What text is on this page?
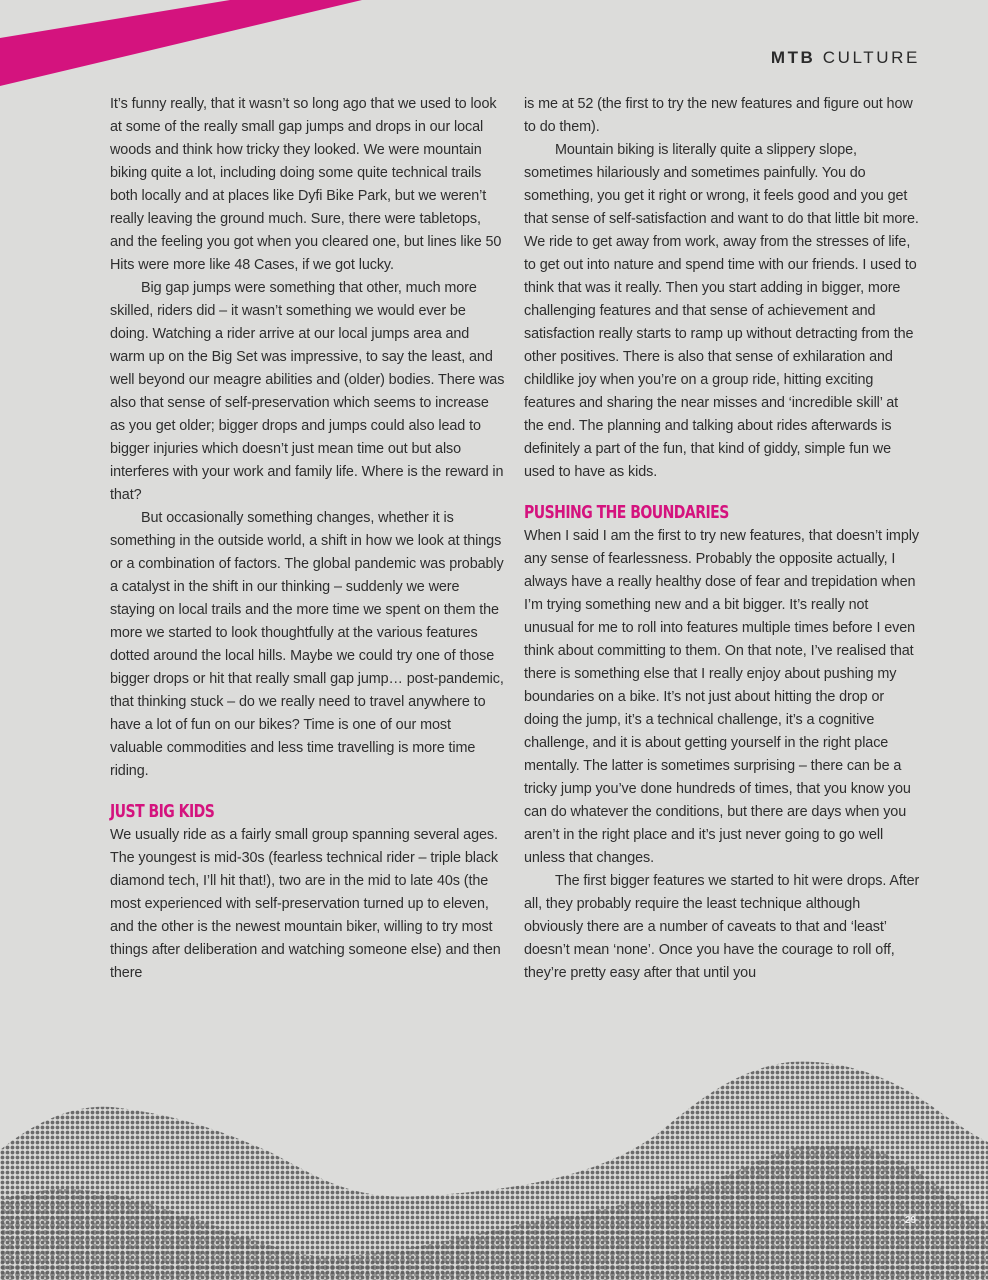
MTB CULTURE

It’s funny really, that it wasn’t so long ago that we used to look at some of the really small gap jumps and drops in our local woods and think how tricky they looked. We were mountain biking quite a lot, including doing some quite technical trails both locally and at places like Dyfi Bike Park, but we weren’t really leaving the ground much. Sure, there were tabletops, and the feeling you got when you cleared one, but lines like 50 Hits were more like 48 Cases, if we got lucky.

Big gap jumps were something that other, much more skilled, riders did – it wasn’t something we would ever be doing. Watching a rider arrive at our local jumps area and warm up on the Big Set was impressive, to say the least, and well beyond our meagre abilities and (older) bodies. There was also that sense of self-preservation which seems to increase as you get older; bigger drops and jumps could also lead to bigger injuries which doesn’t just mean time out but also interferes with your work and family life. Where is the reward in that?

But occasionally something changes, whether it is something in the outside world, a shift in how we look at things or a combination of factors. The global pandemic was probably a catalyst in the shift in our thinking – suddenly we were staying on local trails and the more time we spent on them the more we started to look thoughtfully at the various features dotted around the local hills. Maybe we could try one of those bigger drops or hit that really small gap jump… post-pandemic, that thinking stuck – do we really need to travel anywhere to have a lot of fun on our bikes? Time is one of our most valuable commodities and less time travelling is more time riding.

JUST BIG KIDS

We usually ride as a fairly small group spanning several ages. The youngest is mid-30s (fearless technical rider – triple black diamond tech, I’ll hit that!), two are in the mid to late 40s (the most experienced with self-preservation turned up to eleven, and the other is the newest mountain biker, willing to try most things after deliberation and watching someone else) and then there

is me at 52 (the first to try the new features and figure out how to do them).

Mountain biking is literally quite a slippery slope, sometimes hilariously and sometimes painfully. You do something, you get it right or wrong, it feels good and you get that sense of self-satisfaction and want to do that little bit more. We ride to get away from work, away from the stresses of life, to get out into nature and spend time with our friends. I used to think that was it really. Then you start adding in bigger, more challenging features and that sense of achievement and satisfaction really starts to ramp up without detracting from the other positives. There is also that sense of exhilaration and childlike joy when you’re on a group ride, hitting exciting features and sharing the near misses and ‘incredible skill’ at the end. The planning and talking about rides afterwards is definitely a part of the fun, that kind of giddy, simple fun we used to have as kids.

PUSHING THE BOUNDARIES

When I said I am the first to try new features, that doesn’t imply any sense of fearlessness. Probably the opposite actually, I always have a really healthy dose of fear and trepidation when I’m trying something new and a bit bigger. It’s really not unusual for me to roll into features multiple times before I even think about committing to them. On that note, I’ve realised that there is something else that I really enjoy about pushing my boundaries on a bike. It’s not just about hitting the drop or doing the jump, it’s a technical challenge, it’s a cognitive challenge, and it is about getting yourself in the right place mentally. The latter is sometimes surprising – there can be a tricky jump you’ve done hundreds of times, that you know you can do whatever the conditions, but there are days when you aren’t in the right place and it’s just never going to go well unless that changes.

The first bigger features we started to hit were drops. After all, they probably require the least technique although obviously there are a number of caveats to that and ‘least’ doesn’t mean ‘none’. Once you have the courage to roll off, they’re pretty easy after that until you

29
